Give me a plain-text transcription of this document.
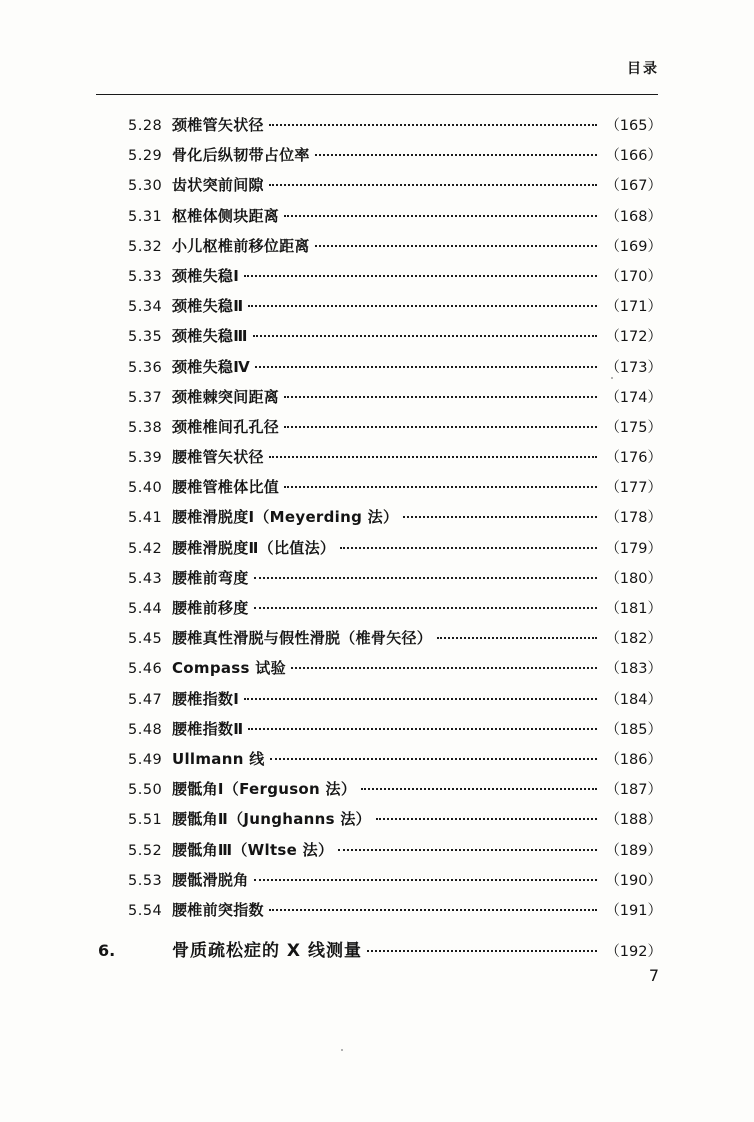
目录
5.28 颈椎管矢状径	（165）
5.29 骨化后纵韧带占位率	（166）
5.30 齿状突前间隙	（167）
5.31 枢椎体侧块距离	（168）
5.32 小儿枢椎前移位距离	（169）
5.33 颈椎失稳Ⅰ	（170）
5.34 颈椎失稳Ⅱ	（171）
5.35 颈椎失稳Ⅲ	（172）
5.36 颈椎失稳Ⅳ	（173）
5.37 颈椎棘突间距离	（174）
5.38 颈椎椎间孔孔径	（175）
5.39 腰椎管矢状径	（176）
5.40 腰椎管椎体比值	（177）
5.41 腰椎滑脱度Ⅰ（Meyerding 法）	（178）
5.42 腰椎滑脱度Ⅱ（比值法）	（179）
5.43 腰椎前弯度	（180）
5.44 腰椎前移度	（181）
5.45 腰椎真性滑脱与假性滑脱（椎骨矢径）	（182）
5.46 Compass 试验	（183）
5.47 腰椎指数Ⅰ	（184）
5.48 腰椎指数Ⅱ	（185）
5.49 Ullmann 线	（186）
5.50 腰骶角Ⅰ（Ferguson 法）	（187）
5.51 腰骶角Ⅱ（Junghanns 法）	（188）
5.52 腰骶角Ⅲ（Wltse 法）	（189）
5.53 腰骶滑脱角	（190）
5.54 腰椎前突指数	（191）
6.	骨质疏松症的 X 线测量	（192）
7
